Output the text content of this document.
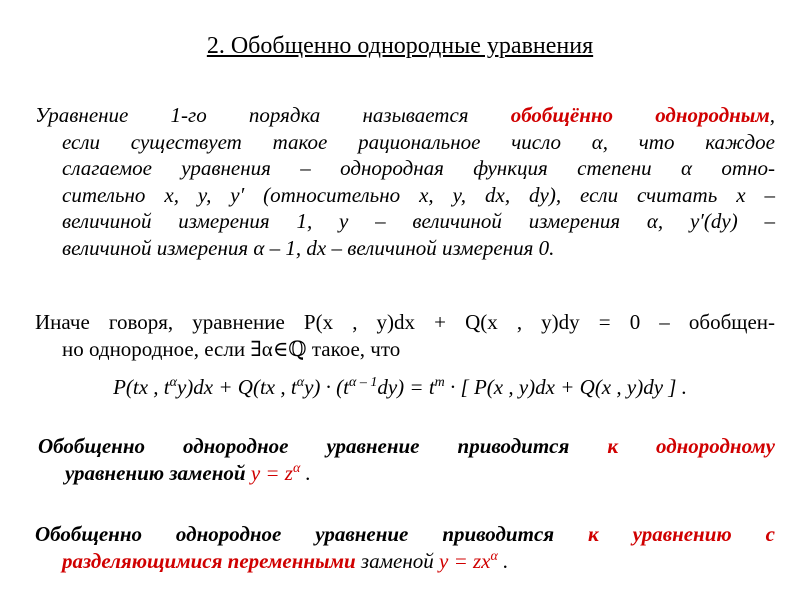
2. Обобщенно однородные уравнения
Уравнение 1-го порядка называется обобщённо однородным,
если существует такое рациональное число α, что каждое
слагаемое уравнения – однородная функция степени α отно-
сительно x, y, y′ (относительно x, y, dx, dy), если считать x –
величиной измерения 1, y – величиной измерения α, y′(dy) –
величиной измерения α – 1, dx – величиной измерения 0.
Иначе говоря, уравнение P(x , y)dx + Q(x , y)dy = 0 – обобщен-
но однородное, если ∃α∈ℚ такое, что
P(tx , $t^\alpha y)dx + Q(tx$ , $t^\alpha y) \cdot (t^{\alpha - 1}dy) = t^m$ · [ P(x , y)dx + Q(x , y)dy ] .
Обобщенно однородное уравнение приводится к однородному
уравнению заменой $y = z^\alpha$ .
Обобщенно однородное уравнение приводится к уравнению с
разделяющимися переменными заменой $y = zx^\alpha$ .
